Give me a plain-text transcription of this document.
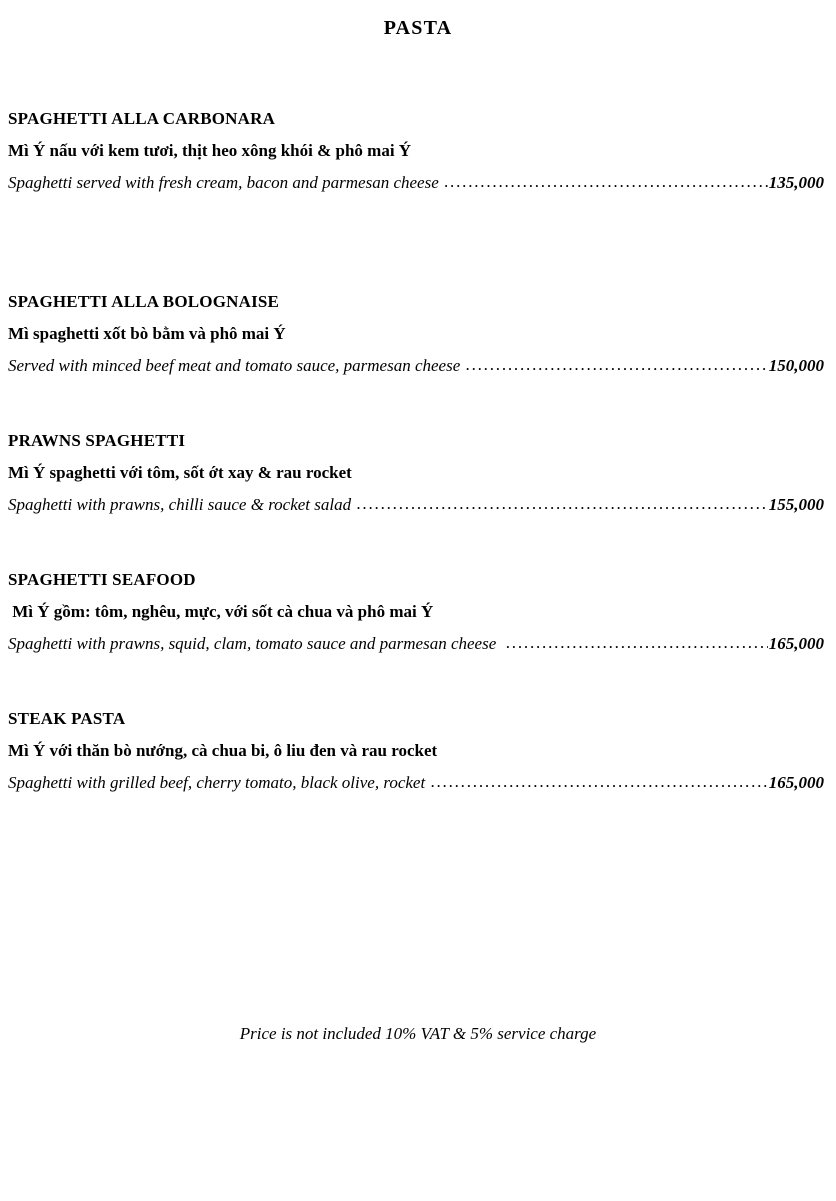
PASTA
SPAGHETTI ALLA CARBONARA
Mì Ý nấu với kem tươi, thịt heo xông khói & phô mai Ý
Spaghetti served with fresh cream, bacon and parmesan cheese .....	135,000
SPAGHETTI ALLA BOLOGNAISE
Mì spaghetti xốt bò bằm và phô mai Ý
Served with minced beef meat and tomato sauce, parmesan cheese .....	150,000
PRAWNS SPAGHETTI
Mì Ý spaghetti với tôm, sốt ớt xay & rau rocket
Spaghetti with prawns, chilli sauce & rocket salad .....	155,000
SPAGHETTI SEAFOOD
Mì Ý gồm: tôm, nghêu, mực, với sốt cà chua và phô mai Ý
Spaghetti with prawns, squid, clam, tomato sauce and parmesan cheese .....	165,000
STEAK PASTA
Mì Ý với thăn bò nướng, cà chua bi, ô liu đen và rau rocket
Spaghetti with grilled beef, cherry tomato, black olive, rocket .....	165,000
Price is not included 10% VAT & 5% service charge
